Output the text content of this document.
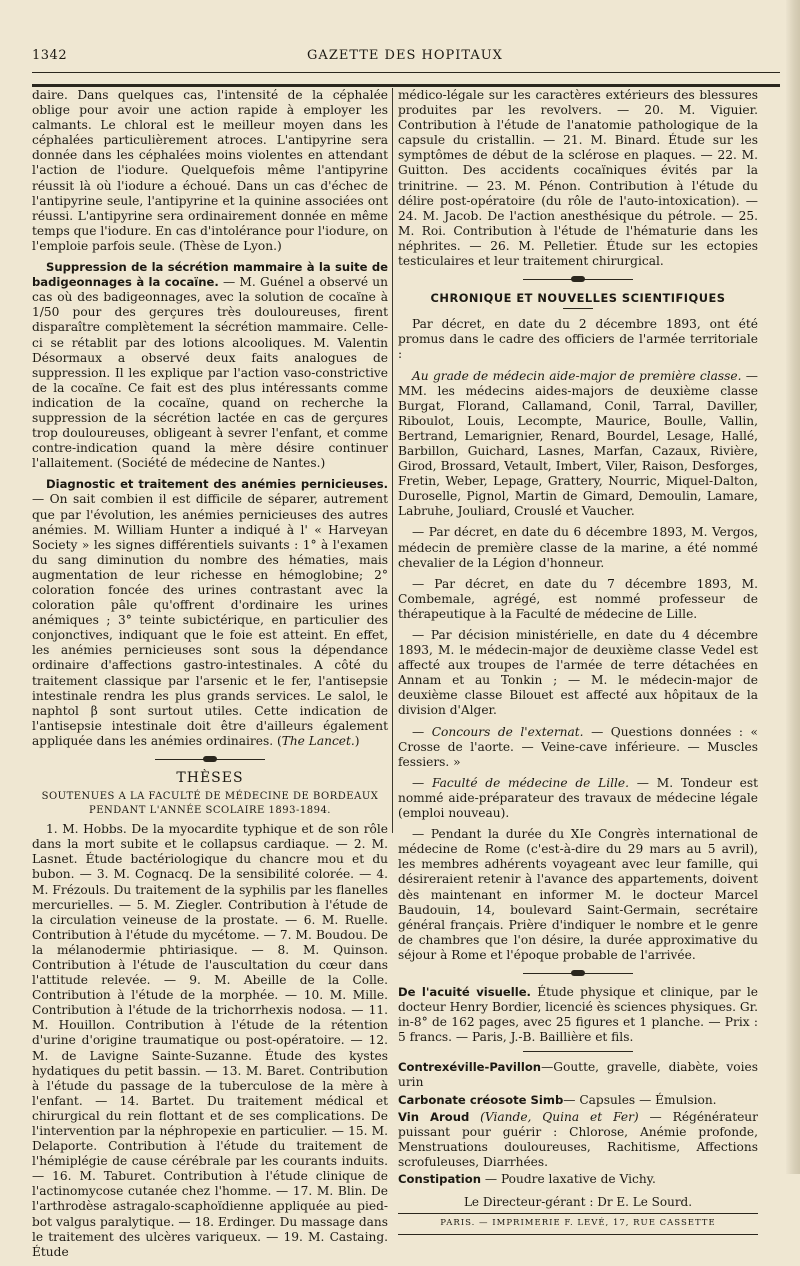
1342	GAZETTE DES HOPITAUX

daire. Dans quelques cas, l'intensité de la céphalée oblige pour avoir une action rapide à employer les calmants. Le chloral est le meilleur moyen dans les céphalées particulièrement atroces. L'antipyrine sera donnée dans les céphalées moins violentes en attendant l'action de l'iodure. Quelquefois même l'antipyrine réussit là où l'iodure a échoué. Dans un cas d'échec de l'antipyrine seule, l'antipyrine et la quinine associées ont réussi. L'antipyrine sera ordinairement donnée en même temps que l'iodure. En cas d'intolérance pour l'iodure, on l'emploie parfois seule. (Thèse de Lyon.)

Suppression de la sécrétion mammaire à la suite de badigeonnages à la cocaïne. — M. Guénel a observé un cas où des badigeonnages, avec la solution de cocaïne à 1/50 pour des gerçures très douloureuses, firent disparaître complètement la sécrétion mammaire. Celle-ci se rétablit par des lotions alcooliques. M. Valentin Désormaux a observé deux faits analogues de suppression. Il les explique par l'action vaso-constrictive de la cocaïne. Ce fait est des plus intéressants comme indication de la cocaïne, quand on recherche la suppression de la sécrétion lactée en cas de gerçures trop douloureuses, obligeant à sevrer l'enfant, et comme contre-indication quand la mère désire continuer l'allaitement. (Société de médecine de Nantes.)

Diagnostic et traitement des anémies pernicieuses. — On sait combien il est difficile de séparer, autrement que par l'évolution, les anémies pernicieuses des autres anémies. M. William Hunter a indiqué à l' « Harveyan Society » les signes différentiels suivants : 1° à l'examen du sang diminution du nombre des hématies, mais augmentation de leur richesse en hémoglobine; 2° coloration foncée des urines contrastant avec la coloration pâle qu'offrent d'ordinaire les urines anémiques ; 3° teinte subictérique, en particulier des conjonctives, indiquant que le foie est atteint. En effet, les anémies pernicieuses sont sous la dépendance ordinaire d'affections gastro-intestinales. A côté du traitement classique par l'arsenic et le fer, l'antisepsie intestinale rendra les plus grands services. Le salol, le naphtol β sont surtout utiles. Cette indication de l'antisepsie intestinale doit être d'ailleurs également appliquée dans les anémies ordinaires. (The Lancet.)

THÈSES
SOUTENUES A LA FACULTÉ DE MÉDECINE DE BORDEAUX
PENDANT L'ANNÉE SCOLAIRE 1893-1894.

1. M. Hobbs. De la myocardite typhique et de son rôle dans la mort subite et le collapsus cardiaque. — 2. M. Lasnet. Étude bactériologique du chancre mou et du bubon. — 3. M. Cognacq. De la sensibilité colorée. — 4. M. Frézouls. Du traitement de la syphilis par les flanelles mercurielles. — 5. M. Ziegler. Contribution à l'étude de la circulation veineuse de la prostate. — 6. M. Ruelle. Contribution à l'étude du mycétome. — 7. M. Boudou. De la mélanodermie phtiriasique. — 8. M. Quinson. Contribution à l'étude de l'auscultation du cœur dans l'attitude relevée. — 9. M. Abeille de la Colle. Contribution à l'étude de la morphée. — 10. M. Mille. Contribution à l'étude de la trichorrhexis nodosa. — 11. M. Houillon. Contribution à l'étude de la rétention d'urine d'origine traumatique ou post-opératoire. — 12. M. de Lavigne Sainte-Suzanne. Étude des kystes hydatiques du petit bassin. — 13. M. Baret. Contribution à l'étude du passage de la tuberculose de la mère à l'enfant. — 14. Bartet. Du traitement médical et chirurgical du rein flottant et de ses complications. De l'intervention par la néphropexie en particulier. — 15. M. Delaporte. Contribution à l'étude du traitement de l'hémiplégie de cause cérébrale par les courants induits. — 16. M. Taburet. Contribution à l'étude clinique de l'actinomycose cutanée chez l'homme. — 17. M. Blin. De l'arthrodèse astragalo-scaphoïdienne appliquée au pied-bot valgus paralytique. — 18. Erdinger. Du massage dans le traitement des ulcères variqueux. — 19. M. Castaing. Étude

médico-légale sur les caractères extérieurs des blessures produites par les revolvers. — 20. M. Viguier. Contribution à l'étude de l'anatomie pathologique de la capsule du cristallin. — 21. M. Binard. Étude sur les symptômes de début de la sclérose en plaques. — 22. M. Guitton. Des accidents cocaïniques évités par la trinitrine. — 23. M. Pénon. Contribution à l'étude du délire post-opératoire (du rôle de l'auto-intoxication). — 24. M. Jacob. De l'action anesthésique du pétrole. — 25. M. Roi. Contribution à l'étude de l'hématurie dans les néphrites. — 26. M. Pelletier. Étude sur les ectopies testiculaires et leur traitement chirurgical.

CHRONIQUE ET NOUVELLES SCIENTIFIQUES

Par décret, en date du 2 décembre 1893, ont été promus dans le cadre des officiers de l'armée territoriale :

Au grade de médecin aide-major de première classe. — MM. les médecins aides-majors de deuxième classe Burgat, Florand, Callamand, Conil, Tarral, Daviller, Riboulot, Louis, Lecompte, Maurice, Boulle, Vallin, Bertrand, Lemarignier, Renard, Bourdel, Lesage, Hallé, Barbillon, Guichard, Lasnes, Marfan, Cazaux, Rivière, Girod, Brossard, Vetault, Imbert, Viler, Raison, Desforges, Fretin, Weber, Lepage, Grattery, Nourric, Miquel-Dalton, Duroselle, Pignol, Martin de Gimard, Demoulin, Lamare, Labruhe, Jouliard, Crouslé et Vaucher.

— Par décret, en date du 6 décembre 1893, M. Vergos, médecin de première classe de la marine, a été nommé chevalier de la Légion d'honneur.

— Par décret, en date du 7 décembre 1893, M. Combemale, agrégé, est nommé professeur de thérapeutique à la Faculté de médecine de Lille.

— Par décision ministérielle, en date du 4 décembre 1893, M. le médecin-major de deuxième classe Vedel est affecté aux troupes de l'armée de terre détachées en Annam et au Tonkin ; — M. le médecin-major de deuxième classe Bilouet est affecté aux hôpitaux de la division d'Alger.

— Concours de l'externat. — Questions données : « Crosse de l'aorte. — Veine-cave inférieure. — Muscles fessiers. »

— Faculté de médecine de Lille. — M. Tondeur est nommé aide-préparateur des travaux de médecine légale (emploi nouveau).

— Pendant la durée du XIe Congrès international de médecine de Rome (c'est-à-dire du 29 mars au 5 avril), les membres adhérents voyageant avec leur famille, qui désireraient retenir à l'avance des appartements, doivent dès maintenant en informer M. le docteur Marcel Baudouin, 14, boulevard Saint-Germain, secrétaire général français. Prière d'indiquer le nombre et le genre de chambres que l'on désire, la durée approximative du séjour à Rome et l'époque probable de l'arrivée.

De l'acuité visuelle. Étude physique et clinique, par le docteur Henry Bordier, licencié ès sciences physiques. Gr. in-8° de 162 pages, avec 25 figures et 1 planche. — Prix : 5 francs. — Paris, J.-B. Baillière et fils.

Contrexéville-Pavillon—Goutte, gravelle, diabète, voies urin

Carbonate créosote Simb— Capsules — Émulsion.

Vin Aroud (Viande, Quina et Fer) — Régénérateur puissant pour guérir : Chlorose, Anémie profonde, Menstruations douloureuses, Rachitisme, Affections scrofuleuses, Diarrhées.

Constipation — Poudre laxative de Vichy.

Le Directeur-gérant : Dr E. Le Sourd.
PARIS. — IMPRIMERIE F. LEVÉ, 17, RUE CASSETTE
